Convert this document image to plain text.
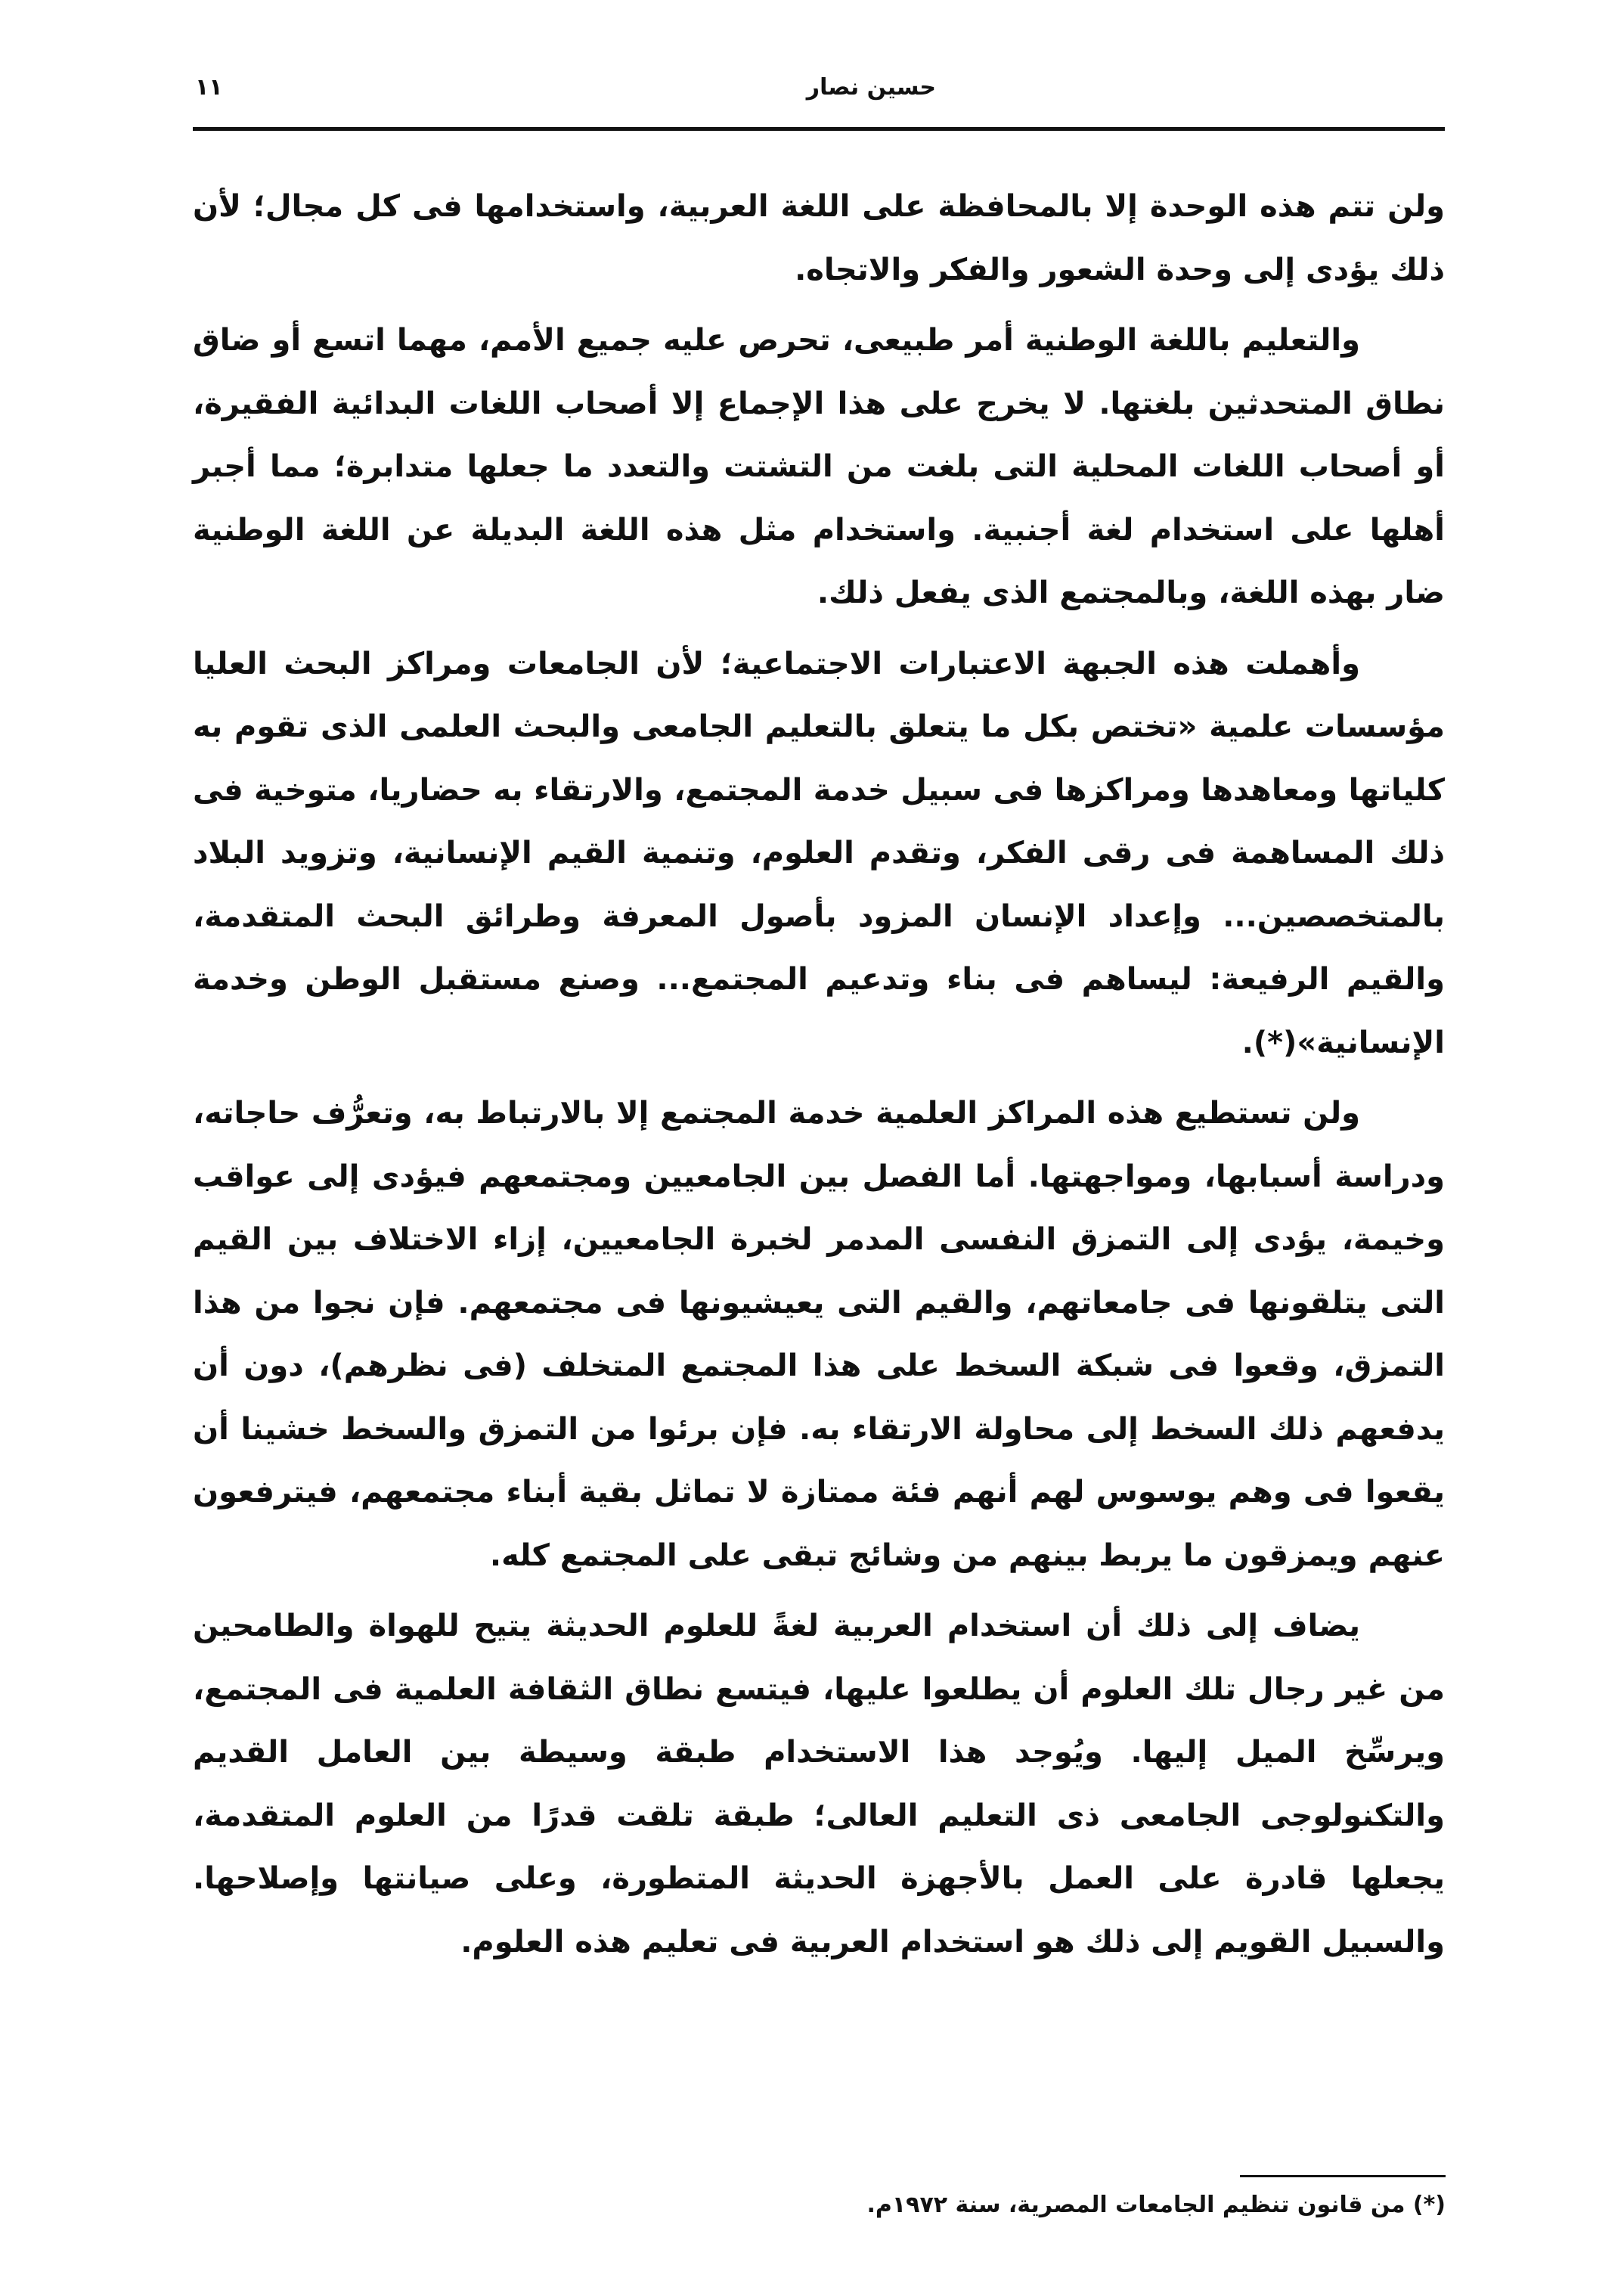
حسين نصار
١١

ولن تتم هذه الوحدة إلا بالمحافظة على اللغة العربية، واستخدامها فى كل مجال؛ لأن ذلك يؤدى إلى وحدة الشعور والفكر والاتجاه.

والتعليم باللغة الوطنية أمر طبيعى، تحرص عليه جميع الأمم، مهما اتسع أو ضاق نطاق المتحدثين بلغتها. لا يخرج على هذا الإجماع إلا أصحاب اللغات البدائية الفقيرة، أو أصحاب اللغات المحلية التى بلغت من التشتت والتعدد ما جعلها متدابرة؛ مما أجبر أهلها على استخدام لغة أجنبية. واستخدام مثل هذه اللغة البديلة عن اللغة الوطنية ضار بهذه اللغة، وبالمجتمع الذى يفعل ذلك.

وأهملت هذه الجبهة الاعتبارات الاجتماعية؛ لأن الجامعات ومراكز البحث العليا مؤسسات علمية «تختص بكل ما يتعلق بالتعليم الجامعى والبحث العلمى الذى تقوم به كلياتها ومعاهدها ومراكزها فى سبيل خدمة المجتمع، والارتقاء به حضاريا، متوخية فى ذلك المساهمة فى رقى الفكر، وتقدم العلوم، وتنمية القيم الإنسانية، وتزويد البلاد بالمتخصصين... وإعداد الإنسان المزود بأصول المعرفة وطرائق البحث المتقدمة، والقيم الرفيعة: ليساهم فى بناء وتدعيم المجتمع... وصنع مستقبل الوطن وخدمة الإنسانية»(*).

ولن تستطيع هذه المراكز العلمية خدمة المجتمع إلا بالارتباط به، وتعرُّف حاجاته، ودراسة أسبابها، ومواجهتها. أما الفصل بين الجامعيين ومجتمعهم فيؤدى إلى عواقب وخيمة، يؤدى إلى التمزق النفسى المدمر لخبرة الجامعيين، إزاء الاختلاف بين القيم التى يتلقونها فى جامعاتهم، والقيم التى يعيشيونها فى مجتمعهم. فإن نجوا من هذا التمزق، وقعوا فى شبكة السخط على هذا المجتمع المتخلف (فى نظرهم)، دون أن يدفعهم ذلك السخط إلى محاولة الارتقاء به. فإن برئوا من التمزق والسخط خشينا أن يقعوا فى وهم يوسوس لهم أنهم فئة ممتازة لا تماثل بقية أبناء مجتمعهم، فيترفعون عنهم ويمزقون ما يربط بينهم من وشائج تبقى على المجتمع كله.

يضاف إلى ذلك أن استخدام العربية لغةً للعلوم الحديثة يتيح للهواة والطامحين من غير رجال تلك العلوم أن يطلعوا عليها، فيتسع نطاق الثقافة العلمية فى المجتمع، ويرسِّخ الميل إليها. ويُوجد هذا الاستخدام طبقة وسيطة بين العامل القديم والتكنولوجى الجامعى ذى التعليم العالى؛ طبقة تلقت قدرًا من العلوم المتقدمة، يجعلها قادرة على العمل بالأجهزة الحديثة المتطورة، وعلى صيانتها وإصلاحها. والسبيل القويم إلى ذلك هو استخدام العربية فى تعليم هذه العلوم.

(*) من قانون تنظيم الجامعات المصرية، سنة ١٩٧٢م.
